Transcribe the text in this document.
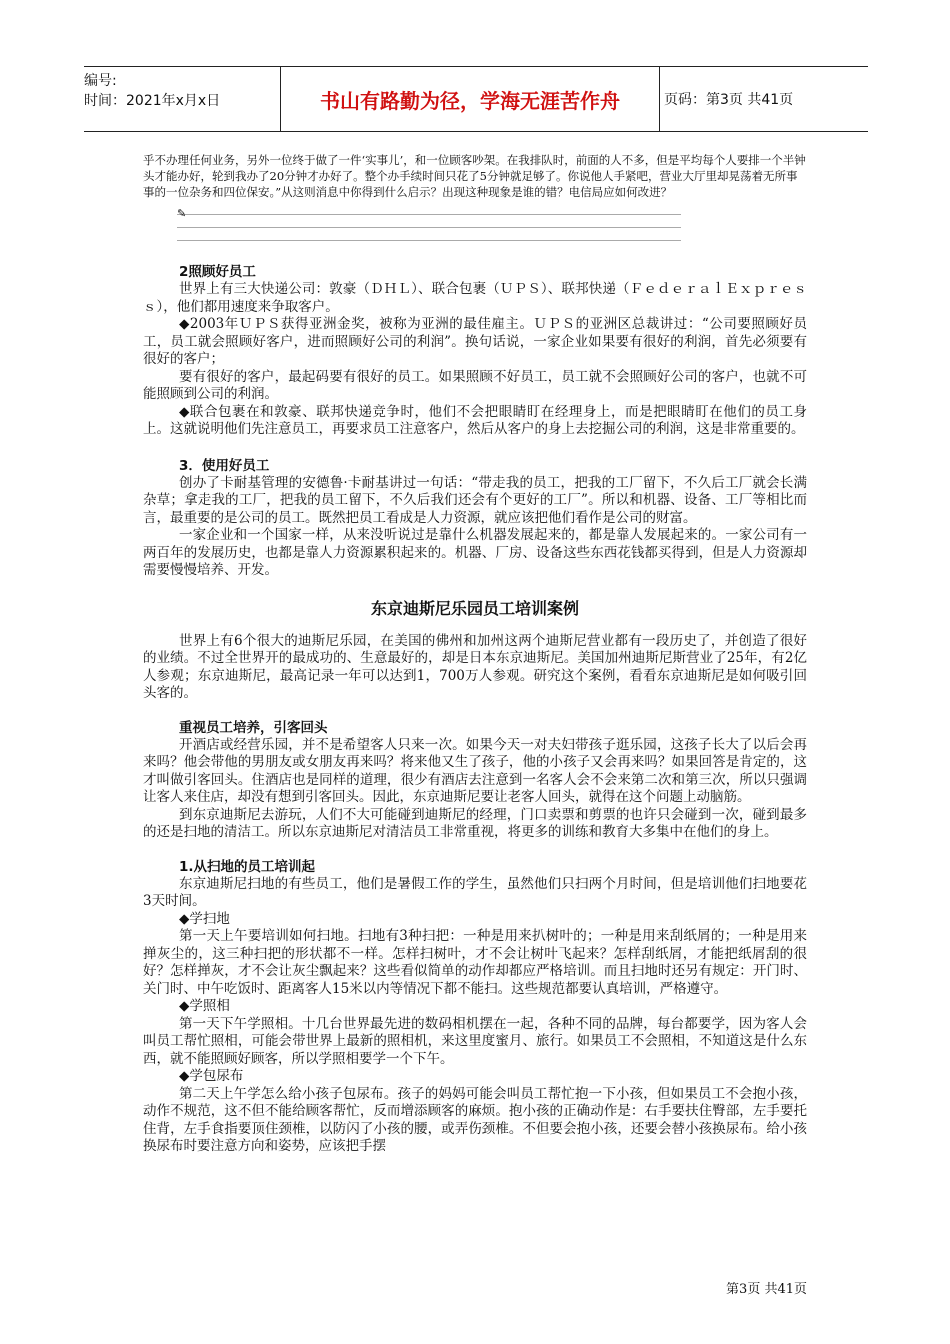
编号:
时间：2021年x月x日	书山有路勤为径，学海无涯苦作舟	页码：第3页 共41页
乎不办理任何业务，另外一位终于做了一件‘实事儿’，和一位顾客吵架。在我排队时，前面的人不多，但是平均每个人要排一个半钟头才能办好，轮到我办了20分钟才办好了。整个办手续时间只花了5分钟就足够了。你说他人手紧吧，营业大厅里却晃荡着无所事事的一位杂务和四位保安。”从这则消息中你得到什么启示？出现这种现象是谁的错？电信局应如何改进？
✎
2照顾好员工

世界上有三大快递公司：敦豪（ＤＨＬ）、联合包裹（ＵＰＳ）、联邦快递（ＦｅｄｅｒａｌＥｘｐｒｅｓｓ），他们都用速度来争取客户。

◆2003年ＵＰＳ获得亚洲金奖，被称为亚洲的最佳雇主。ＵＰＳ的亚洲区总裁讲过：“公司要照顾好员工，员工就会照顾好客户，进而照顾好公司的利润”。换句话说，一家企业如果要有很好的利润，首先必须要有很好的客户；

要有很好的客户，最起码要有很好的员工。如果照顾不好员工，员工就不会照顾好公司的客户，也就不可能照顾到公司的利润。

◆联合包裹在和敦豪、联邦快递竞争时，他们不会把眼睛盯在经理身上，而是把眼睛盯在他们的员工身上。这就说明他们先注意员工，再要求员工注意客户，然后从客户的身上去挖掘公司的利润，这是非常重要的。

3．使用好员工

创办了卡耐基管理的安德鲁·卡耐基讲过一句话：“带走我的员工，把我的工厂留下，不久后工厂就会长满杂草；拿走我的工厂，把我的员工留下，不久后我们还会有个更好的工厂”。所以和机器、设备、工厂等相比而言，最重要的是公司的员工。既然把员工看成是人力资源，就应该把他们看作是公司的财富。

一家企业和一个国家一样，从来没听说过是靠什么机器发展起来的，都是靠人发展起来的。一家公司有一两百年的发展历史，也都是靠人力资源累积起来的。机器、厂房、设备这些东西花钱都买得到，但是人力资源却需要慢慢培养、开发。

东京迪斯尼乐园员工培训案例

世界上有6个很大的迪斯尼乐园，在美国的佛州和加州这两个迪斯尼营业都有一段历史了，并创造了很好的业绩。不过全世界开的最成功的、生意最好的，却是日本东京迪斯尼。美国加州迪斯尼斯营业了25年，有2亿人参观；东京迪斯尼，最高记录一年可以达到1，700万人参观。研究这个案例，看看东京迪斯尼是如何吸引回头客的。

重视员工培养，引客回头

开酒店或经营乐园，并不是希望客人只来一次。如果今天一对夫妇带孩子逛乐园，这孩子长大了以后会再来吗？他会带他的男朋友或女朋友再来吗？将来他又生了孩子，他的小孩子又会再来吗？如果回答是肯定的，这才叫做引客回头。住酒店也是同样的道理，很少有酒店去注意到一名客人会不会来第二次和第三次，所以只强调让客人来住店，却没有想到引客回头。因此，东京迪斯尼要让老客人回头，就得在这个问题上动脑筋。

到东京迪斯尼去游玩，人们不大可能碰到迪斯尼的经理，门口卖票和剪票的也许只会碰到一次，碰到最多的还是扫地的清洁工。所以东京迪斯尼对清洁员工非常重视，将更多的训练和教育大多集中在他们的身上。

1.从扫地的员工培训起

东京迪斯尼扫地的有些员工，他们是暑假工作的学生，虽然他们只扫两个月时间，但是培训他们扫地要花3天时间。

◆学扫地

第一天上午要培训如何扫地。扫地有3种扫把：一种是用来扒树叶的；一种是用来刮纸屑的；一种是用来掸灰尘的，这三种扫把的形状都不一样。怎样扫树叶，才不会让树叶飞起来？怎样刮纸屑，才能把纸屑刮的很好？怎样掸灰，才不会让灰尘飘起来？这些看似简单的动作却都应严格培训。而且扫地时还另有规定：开门时、关门时、中午吃饭时、距离客人15米以内等情况下都不能扫。这些规范都要认真培训，严格遵守。

◆学照相

第一天下午学照相。十几台世界最先进的数码相机摆在一起，各种不同的品牌，每台都要学，因为客人会叫员工帮忙照相，可能会带世界上最新的照相机，来这里度蜜月、旅行。如果员工不会照相，不知道这是什么东西，就不能照顾好顾客，所以学照相要学一个下午。

◆学包尿布

第二天上午学怎么给小孩子包尿布。孩子的妈妈可能会叫员工帮忙抱一下小孩，但如果员工不会抱小孩，动作不规范，这不但不能给顾客帮忙，反而增添顾客的麻烦。抱小孩的正确动作是：右手要扶住臀部，左手要托住背，左手食指要顶住颈椎，以防闪了小孩的腰，或弄伤颈椎。不但要会抱小孩，还要会替小孩换尿布。给小孩换尿布时要注意方向和姿势，应该把手摆

第3页 共41页
